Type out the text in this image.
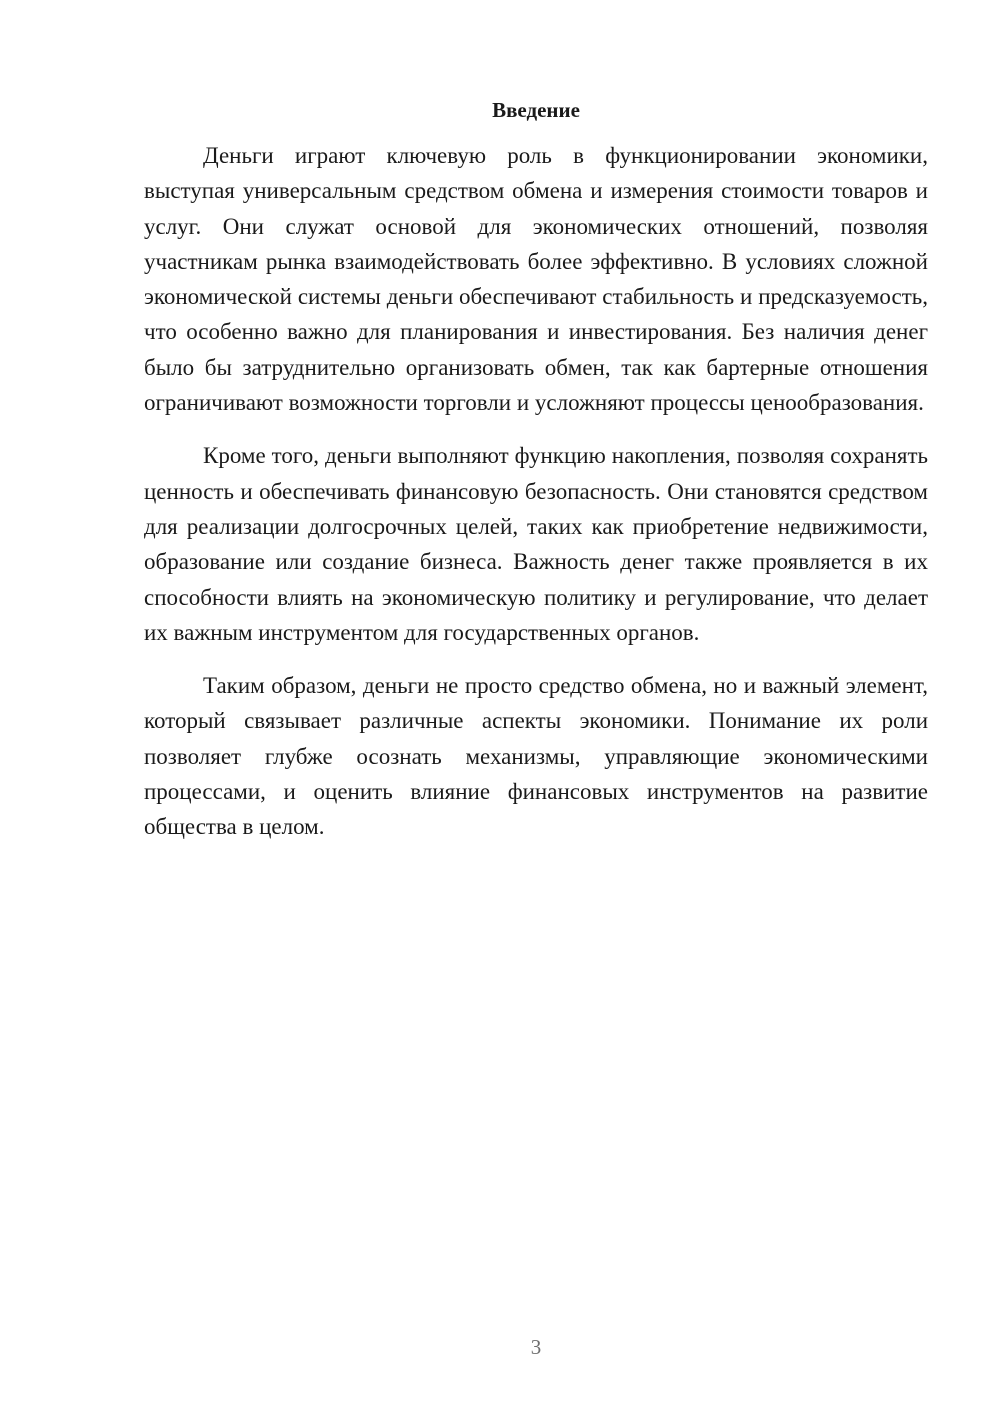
Введение

Деньги играют ключевую роль в функционировании экономики, выступая универсальным средством обмена и измерения стоимости товаров и услуг. Они служат основой для экономических отношений, позволяя участникам рынка взаимодействовать более эффективно. В условиях сложной экономической системы деньги обеспечивают стабильность и предсказуемость, что особенно важно для планирования и инвестирования. Без наличия денег было бы затруднительно организовать обмен, так как бартерные отношения ограничивают возможности торговли и усложняют процессы ценообразования.

Кроме того, деньги выполняют функцию накопления, позволяя сохранять ценность и обеспечивать финансовую безопасность. Они становятся средством для реализации долгосрочных целей, таких как приобретение недвижимости, образование или создание бизнеса. Важность денег также проявляется в их способности влиять на экономическую политику и регулирование, что делает их важным инструментом для государственных органов.

Таким образом, деньги не просто средство обмена, но и важный элемент, который связывает различные аспекты экономики. Понимание их роли позволяет глубже осознать механизмы, управляющие экономическими процессами, и оценить влияние финансовых инструментов на развитие общества в целом.

3
